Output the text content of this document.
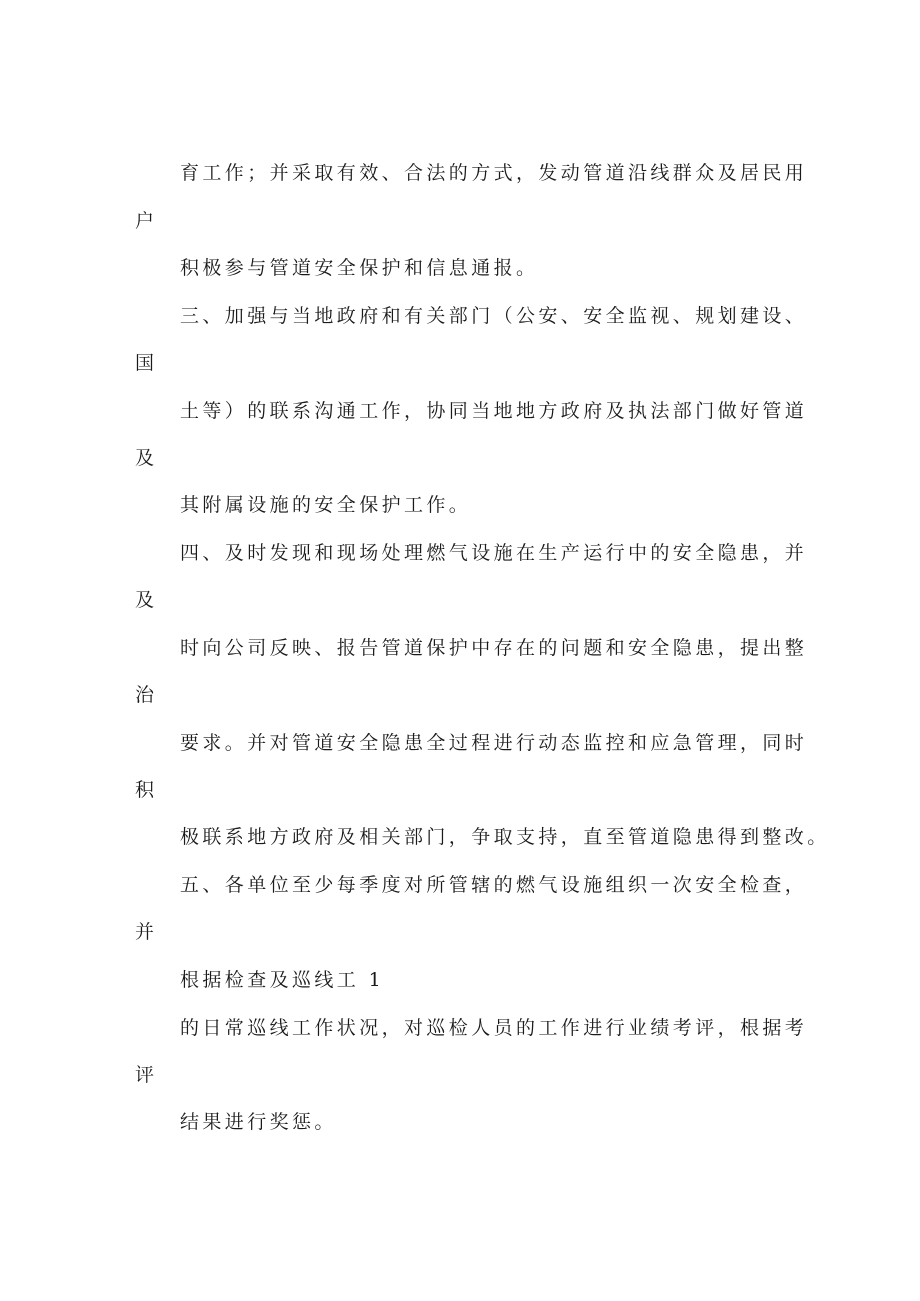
育工作；并采取有效、合法的方式，发动管道沿线群众及居民用

户

积极参与管道安全保护和信息通报。

三、加强与当地政府和有关部门（公安、安全监视、规划建设、

国

土等）的联系沟通工作，协同当地地方政府及执法部门做好管道

及

其附属设施的安全保护工作。

四、及时发现和现场处理燃气设施在生产运行中的安全隐患，并

及

时向公司反映、报告管道保护中存在的问题和安全隐患，提出整

治

要求。并对管道安全隐患全过程进行动态监控和应急管理，同时

积

极联系地方政府及相关部门，争取支持，直至管道隐患得到整改。

五、各单位至少每季度对所管辖的燃气设施组织一次安全检查，

并

根据检查及巡线工 1

的日常巡线工作状况，对巡检人员的工作进行业绩考评，根据考

评

结果进行奖惩。
